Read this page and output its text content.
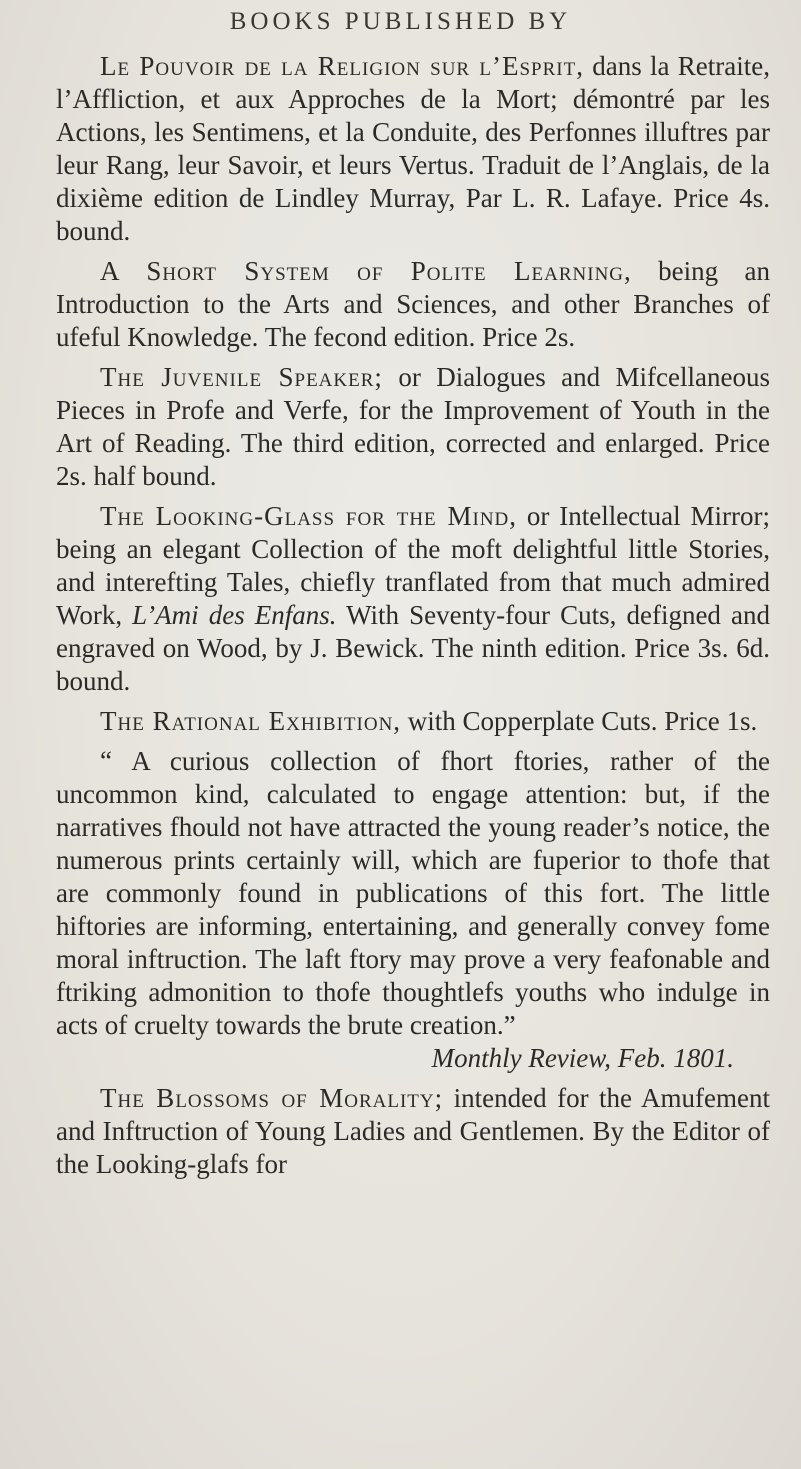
BOOKS PUBLISHED BY

Le Pouvoir de la Religion sur l’Esprit, dans la Retraite, l’Affliction, et aux Approches de la Mort; démontré par les Actions, les Sentimens, et la Conduite, des Perfonnes illuftres par leur Rang, leur Savoir, et leurs Vertus. Traduit de l’Anglais, de la dixième edition de Lindley Murray, Par L. R. Lafaye. Price 4s. bound.

A Short System of Polite Learning, being an Introduction to the Arts and Sciences, and other Branches of ufeful Knowledge. The fecond edition. Price 2s.

The Juvenile Speaker; or Dialogues and Mifcellaneous Pieces in Profe and Verfe, for the Improvement of Youth in the Art of Reading. The third edition, corrected and enlarged. Price 2s. half bound.

The Looking-Glass for the Mind, or Intellectual Mirror; being an elegant Collection of the moft delightful little Stories, and interefting Tales, chiefly tranflated from that much admired Work, L’Ami des Enfans. With Seventy-four Cuts, defigned and engraved on Wood, by J. Bewick. The ninth edition. Price 3s. 6d. bound.

The Rational Exhibition, with Copperplate Cuts. Price 1s.

“ A curious collection of fhort ftories, rather of the uncommon kind, calculated to engage attention: but, if the narratives fhould not have attracted the young reader’s notice, the numerous prints certainly will, which are fuperior to thofe that are commonly found in publications of this fort. The little hiftories are informing, entertaining, and generally convey fome moral inftruction. The laft ftory may prove a very feafonable and ftriking admonition to thofe thoughtlefs youths who indulge in acts of cruelty towards the brute creation.”

Monthly Review, Feb. 1801.

The Blossoms of Morality; intended for the Amufement and Inftruction of Young Ladies and Gentlemen. By the Editor of the Looking-glafs for
